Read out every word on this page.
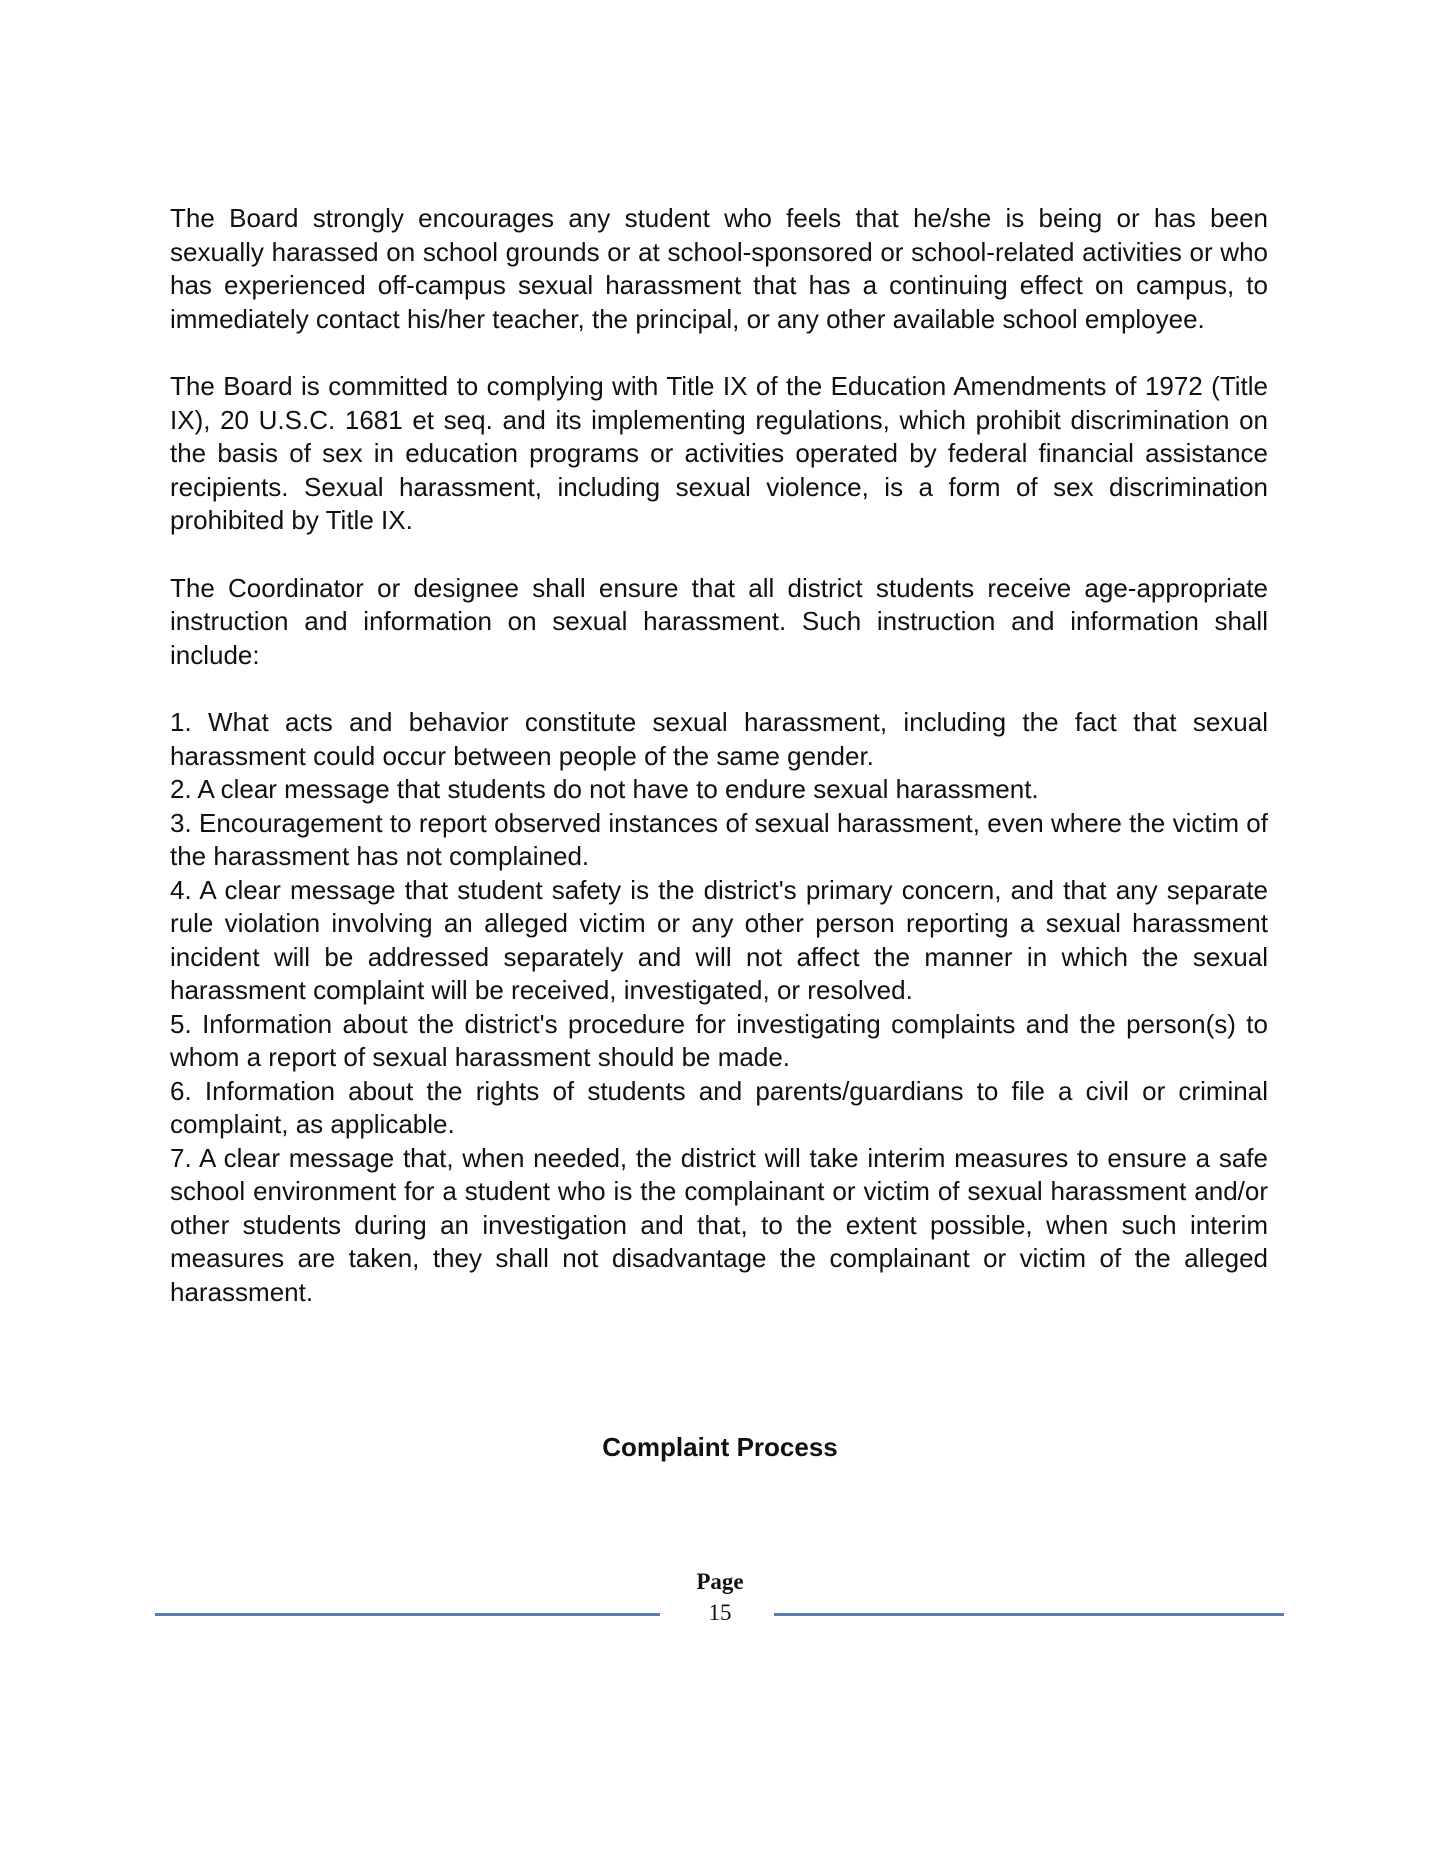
The Board strongly encourages any student who feels that he/she is being or has been sexually harassed on school grounds or at school-sponsored or school-related activities or who has experienced off-campus sexual harassment that has a continuing effect on campus, to immediately contact his/her teacher, the principal, or any other available school employee.

The Board is committed to complying with Title IX of the Education Amendments of 1972 (Title IX), 20 U.S.C. 1681 et seq. and its implementing regulations, which prohibit discrimination on the basis of sex in education programs or activities operated by federal financial assistance recipients. Sexual harassment, including sexual violence, is a form of sex discrimination prohibited by Title IX.

The Coordinator or designee shall ensure that all district students receive age-appropriate instruction and information on sexual harassment. Such instruction and information shall include:

1. What acts and behavior constitute sexual harassment, including the fact that sexual harassment could occur between people of the same gender.
2. A clear message that students do not have to endure sexual harassment.
3. Encouragement to report observed instances of sexual harassment, even where the victim of the harassment has not complained.
4. A clear message that student safety is the district's primary concern, and that any separate rule violation involving an alleged victim or any other person reporting a sexual harassment incident will be addressed separately and will not affect the manner in which the sexual harassment complaint will be received, investigated, or resolved.
5. Information about the district's procedure for investigating complaints and the person(s) to whom a report of sexual harassment should be made.
6. Information about the rights of students and parents/guardians to file a civil or criminal complaint, as applicable.
7. A clear message that, when needed, the district will take interim measures to ensure a safe school environment for a student who is the complainant or victim of sexual harassment and/or other students during an investigation and that, to the extent possible, when such interim measures are taken, they shall not disadvantage the complainant or victim of the alleged harassment.
Complaint Process
Page
15
